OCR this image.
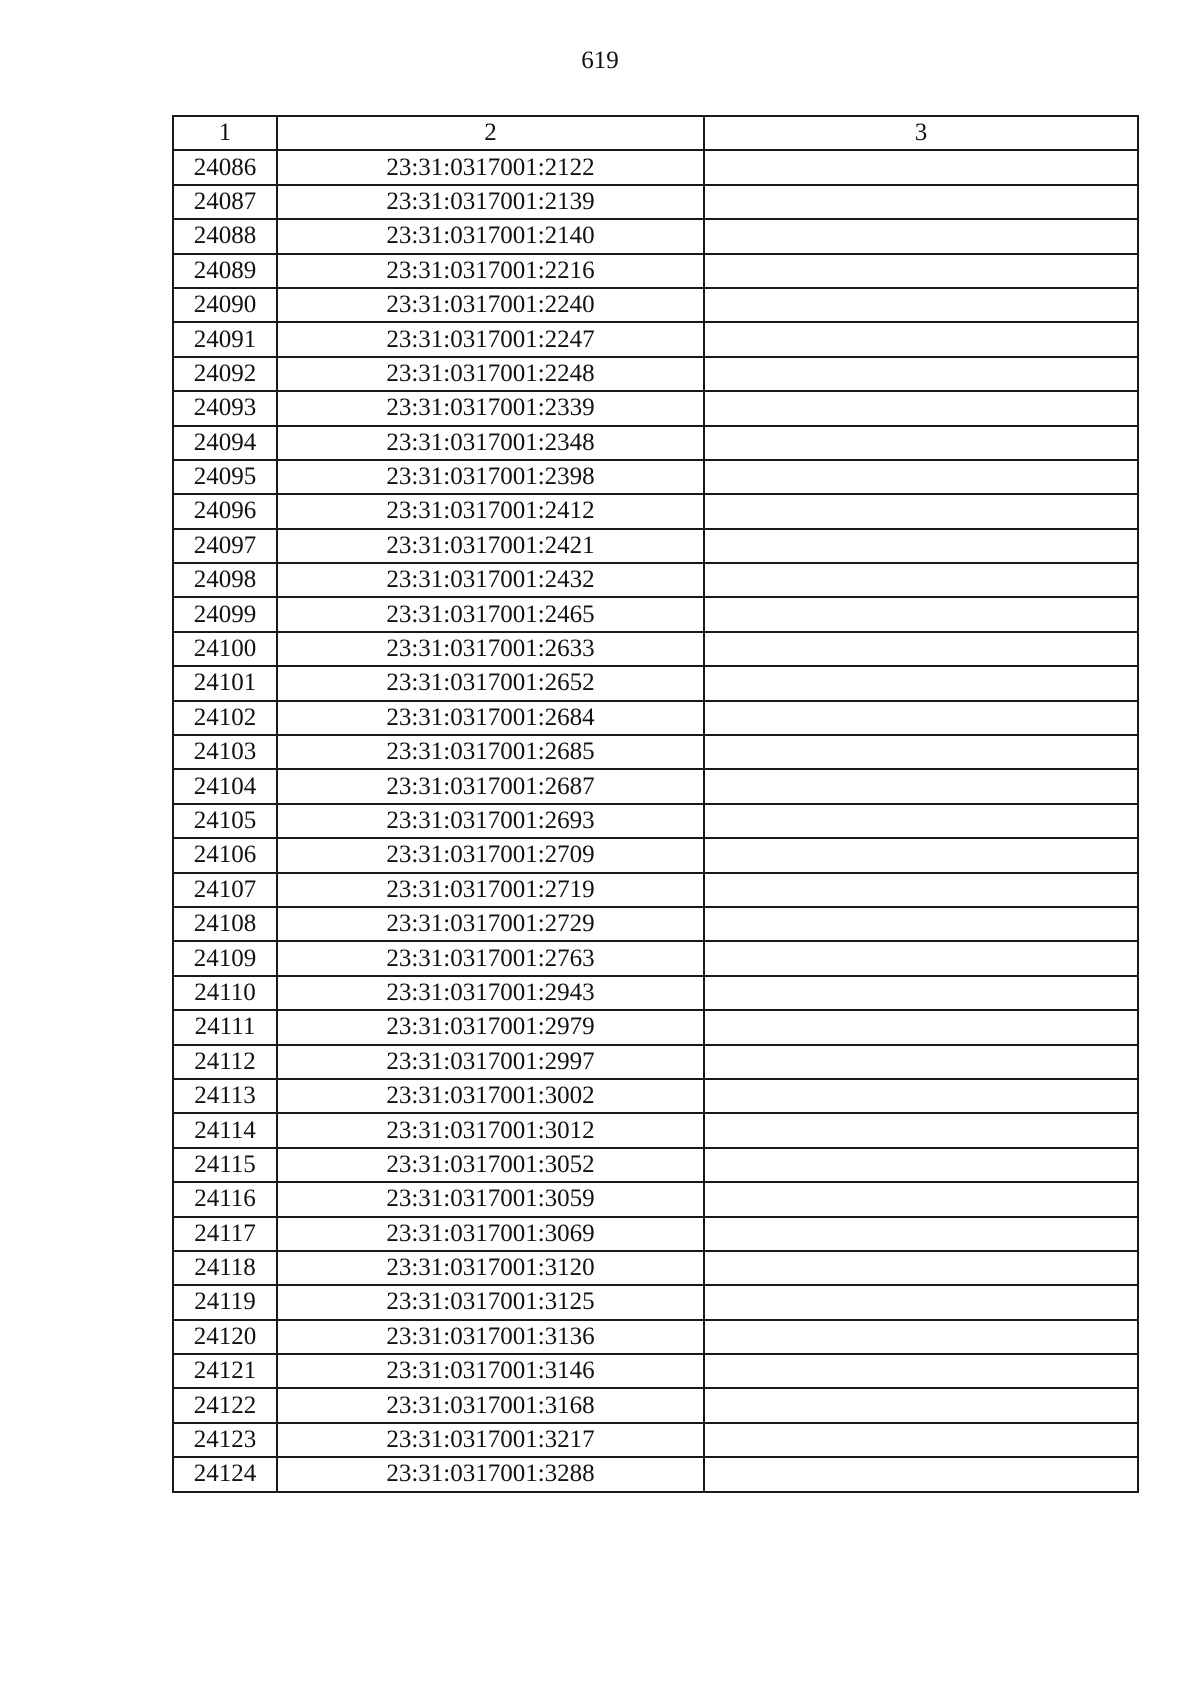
619
1	2	3
24086	23:31:0317001:2122	
24087	23:31:0317001:2139	
24088	23:31:0317001:2140	
24089	23:31:0317001:2216	
24090	23:31:0317001:2240	
24091	23:31:0317001:2247	
24092	23:31:0317001:2248	
24093	23:31:0317001:2339	
24094	23:31:0317001:2348	
24095	23:31:0317001:2398	
24096	23:31:0317001:2412	
24097	23:31:0317001:2421	
24098	23:31:0317001:2432	
24099	23:31:0317001:2465	
24100	23:31:0317001:2633	
24101	23:31:0317001:2652	
24102	23:31:0317001:2684	
24103	23:31:0317001:2685	
24104	23:31:0317001:2687	
24105	23:31:0317001:2693	
24106	23:31:0317001:2709	
24107	23:31:0317001:2719	
24108	23:31:0317001:2729	
24109	23:31:0317001:2763	
24110	23:31:0317001:2943	
24111	23:31:0317001:2979	
24112	23:31:0317001:2997	
24113	23:31:0317001:3002	
24114	23:31:0317001:3012	
24115	23:31:0317001:3052	
24116	23:31:0317001:3059	
24117	23:31:0317001:3069	
24118	23:31:0317001:3120	
24119	23:31:0317001:3125	
24120	23:31:0317001:3136	
24121	23:31:0317001:3146	
24122	23:31:0317001:3168	
24123	23:31:0317001:3217	
24124	23:31:0317001:3288	
